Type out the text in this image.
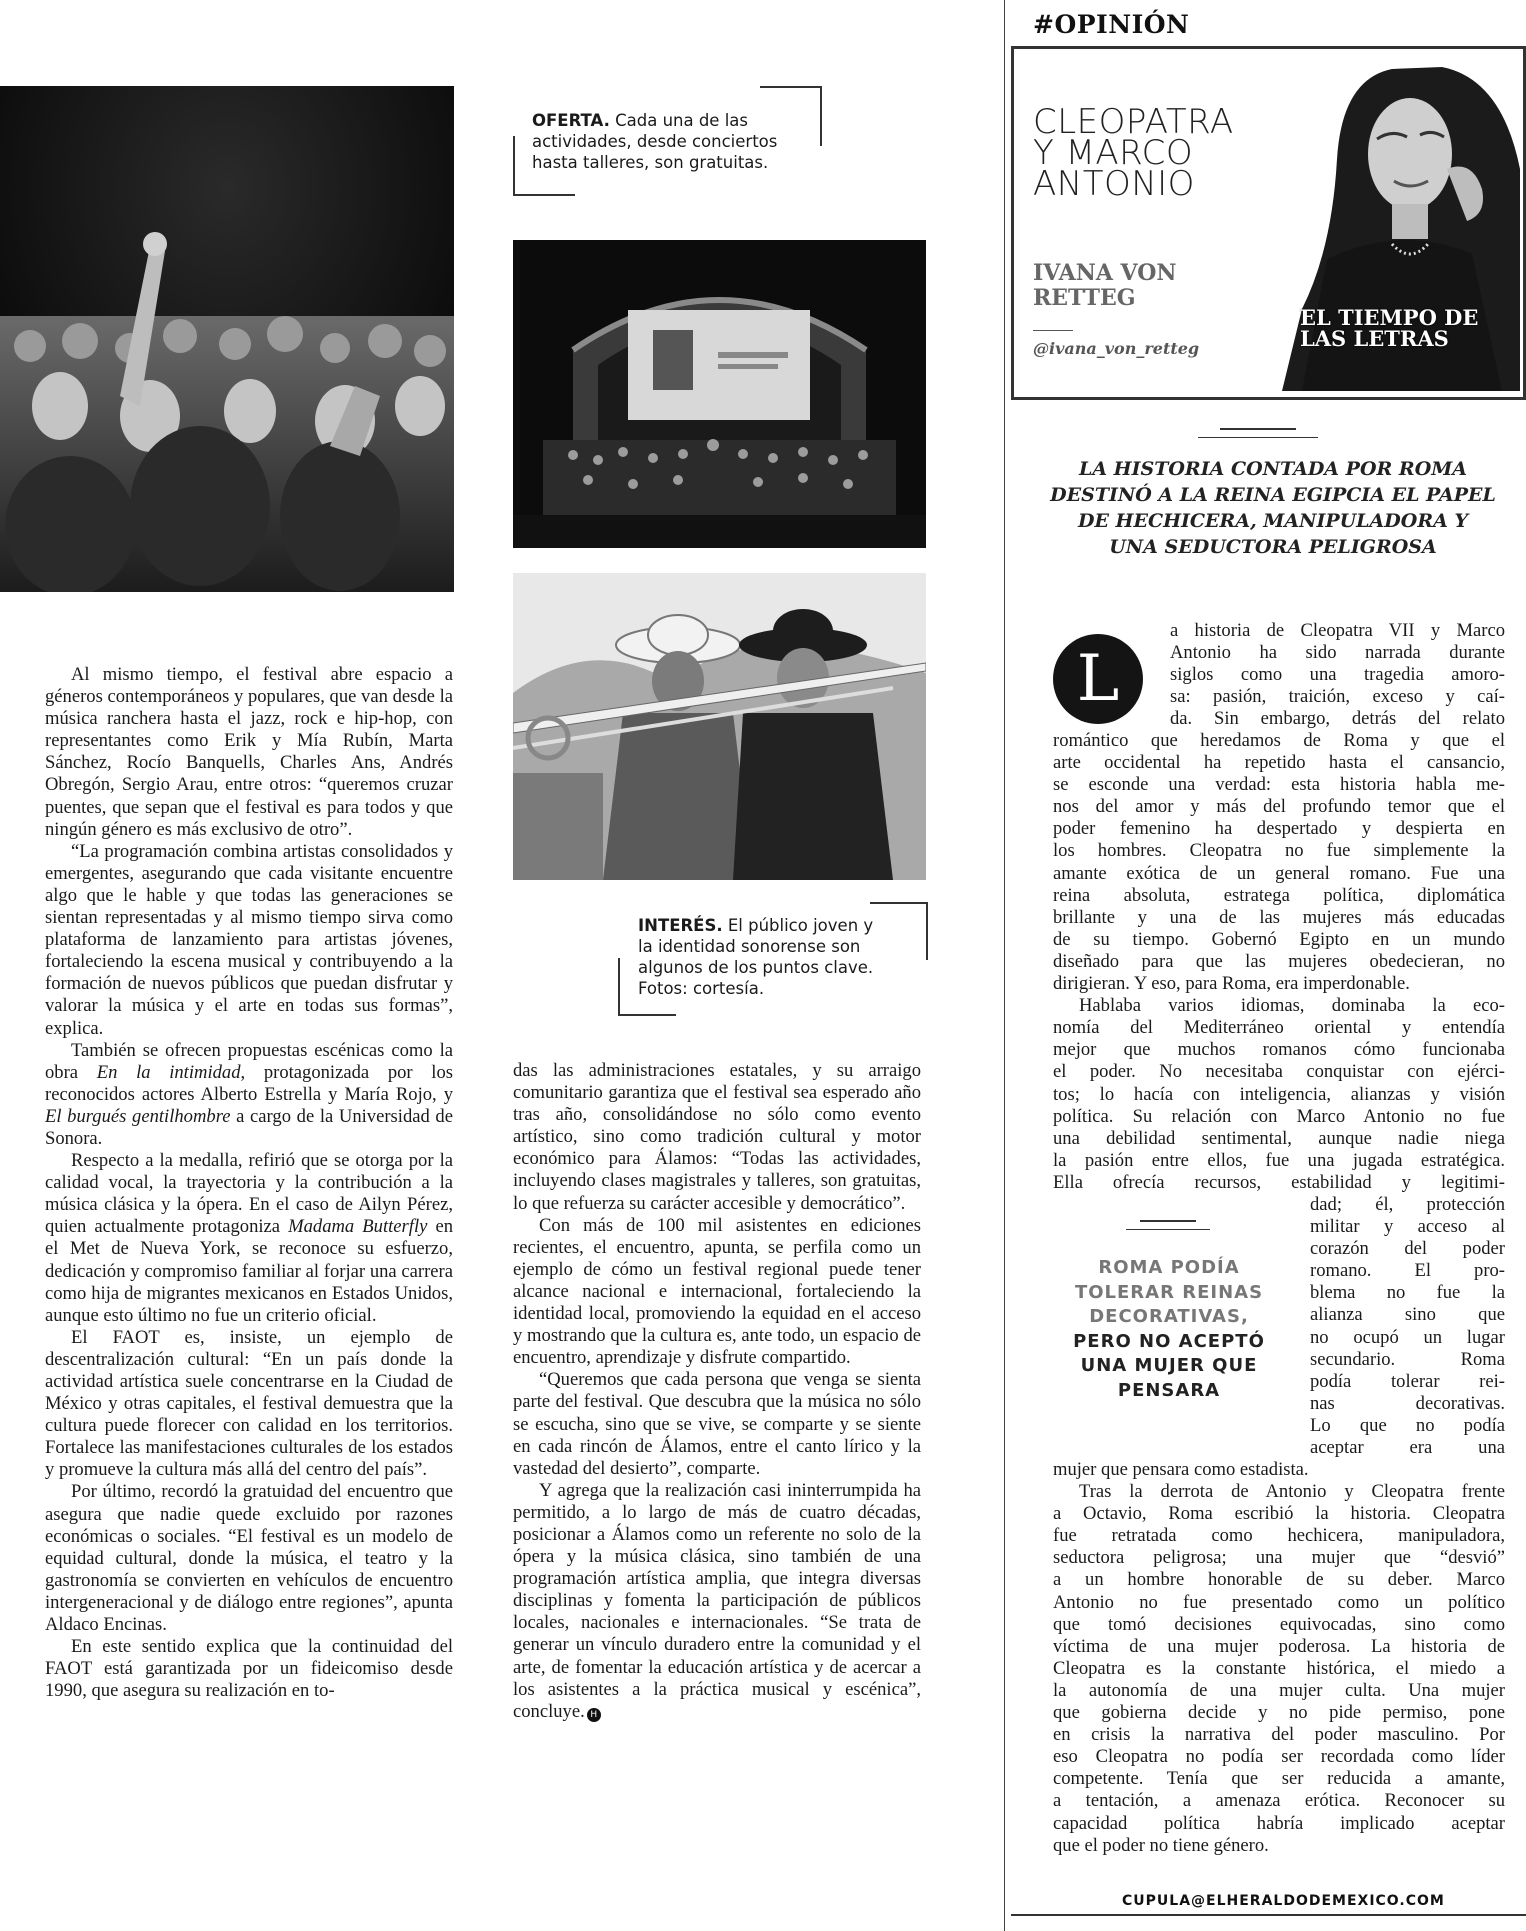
OFERTA. Cada una de las
actividades, desde conciertos
hasta talleres, son gratuitas.
INTERÉS. El público joven y
la identidad sonorense son
algunos de los puntos clave.
Fotos: cortesía.

Al mismo tiempo, el festival abre espacio a géneros contemporáneos y populares, que van desde la música ranchera hasta el jazz, rock e hip-hop, con representantes como Erik y Mía Rubín, Marta Sánchez, Rocío Banquells, Charles Ans, Andrés Obregón, Sergio Arau, entre otros: “queremos cruzar puentes, que sepan que el festival es para todos y que ningún género es más exclusivo de otro”.

“La programación combina artistas consolidados y emergentes, asegurando que cada visitante encuentre algo que le hable y que todas las generaciones se sientan representadas y al mismo tiempo sirva como plataforma de lanzamiento para artistas jóvenes, fortaleciendo la escena musical y contribuyendo a la formación de nuevos públicos que puedan disfrutar y valorar la música y el arte en todas sus formas”, explica.

También se ofrecen propuestas escénicas como la obra En la intimidad, protagonizada por los reconocidos actores Alberto Estrella y María Rojo, y El burgués gentilhombre a cargo de la Universidad de Sonora.

Respecto a la medalla, refirió que se otorga por la calidad vocal, la trayectoria y la contribución a la música clásica y la ópera. En el caso de Ailyn Pérez, quien actualmente protagoniza Madama Butterfly en el Met de Nueva York, se reconoce su esfuerzo, dedicación y compromiso familiar al forjar una carrera como hija de migrantes mexicanos en Estados Unidos, aunque esto último no fue un criterio oficial.

El FAOT es, insiste, un ejemplo de descentralización cultural: “En un país donde la actividad artística suele concentrarse en la Ciudad de México y otras capitales, el festival demuestra que la cultura puede florecer con calidad en los territorios. Fortalece las manifestaciones culturales de los estados y promueve la cultura más allá del centro del país”.

Por último, recordó la gratuidad del encuentro que asegura que nadie quede excluido por razones económicas o sociales. “El festival es un modelo de equidad cultural, donde la música, el teatro y la gastronomía se convierten en vehículos de encuentro intergeneracional y de diálogo entre regiones”, apunta Aldaco Encinas.

En este sentido explica que la continuidad del FAOT está garantizada por un fideicomiso desde 1990, que asegura su realización en to-

das las administraciones estatales, y su arraigo comunitario garantiza que el festival sea esperado año tras año, consolidándose no sólo como evento artístico, sino como tradición cultural y motor económico para Álamos: “Todas las actividades, incluyendo clases magistrales y talleres, son gratuitas, lo que refuerza su carácter accesible y democrático”.

Con más de 100 mil asistentes en ediciones recientes, el encuentro, apunta, se perfila como un ejemplo de cómo un festival regional puede tener alcance nacional e internacional, fortaleciendo la identidad local, promoviendo la equidad en el acceso y mostrando que la cultura es, ante todo, un espacio de encuentro, aprendizaje y disfrute compartido.

“Queremos que cada persona que venga se sienta parte del festival. Que descubra que la música no sólo se escucha, sino que se vive, se comparte y se siente en cada rincón de Álamos, entre el canto lírico y la vastedad del desierto”, comparte.

Y agrega que la realización casi ininterrumpida ha permitido, a lo largo de más de cuatro décadas, posicionar a Álamos como un referente no solo de la ópera y la música clásica, sino también de una programación artística amplia, que integra diversas disciplinas y fomenta la participación de públicos locales, nacionales e internacionales. “Se trata de generar un vínculo duradero entre la comunidad y el arte, de fomentar la educación artística y de acercar a los asistentes a la práctica musical y escénica”, concluye. H

#OPINIÓN
CLEOPATRA
Y MARCO
ANTONIO
IVANA VON
RETTEG
@ivana_von_retteg
EL TIEMPO DE
LAS LETRAS
LA HISTORIA CONTADA POR ROMA
DESTINÓ A LA REINA EGIPCIA EL PAPEL
DE HECHICERA, MANIPULADORA Y
UNA SEDUCTORA PELIGROSA
L
a historia de Cleopatra VII y Marco
Antonio ha sido narrada durante
siglos como una tragedia amoro-
sa: pasión, traición, exceso y caí-
da. Sin embargo, detrás del relato
romántico que heredamos de Roma y que el
arte occidental ha repetido hasta el cansancio,
se esconde una verdad: esta historia habla me-
nos del amor y más del profundo temor que el
poder femenino ha despertado y despierta en
los hombres. Cleopatra no fue simplemente la
amante exótica de un general romano. Fue una
reina absoluta, estratega política, diplomática
brillante y una de las mujeres más educadas
de su tiempo. Gobernó Egipto en un mundo
diseñado para que las mujeres obedecieran, no
dirigieran. Y eso, para Roma, era imperdonable.
Hablaba varios idiomas, dominaba la eco-
nomía del Mediterráneo oriental y entendía
mejor que muchos romanos cómo funcionaba
el poder. No necesitaba conquistar con ejérci-
tos; lo hacía con inteligencia, alianzas y visión
política. Su relación con Marco Antonio no fue
una debilidad sentimental, aunque nadie niega
la pasión entre ellos, fue una jugada estratégica.
Ella ofrecía recursos, estabilidad y legitimi-
dad; él, protección
militar y acceso al
corazón del poder
romano. El pro-
blema no fue la
alianza sino que
no ocupó un lugar
secundario. Roma
podía tolerar rei-
nas decorativas.
Lo que no podía
aceptar era una
mujer que pensara como estadista.
Tras la derrota de Antonio y Cleopatra frente
a Octavio, Roma escribió la historia. Cleopatra
fue retratada como hechicera, manipuladora,
seductora peligrosa; una mujer que “desvió”
a un hombre honorable de su deber. Marco
Antonio no fue presentado como un político
que tomó decisiones equivocadas, sino como
víctima de una mujer poderosa. La historia de
Cleopatra es la constante histórica, el miedo a
la autonomía de una mujer culta. Una mujer
que gobierna decide y no pide permiso, pone
en crisis la narrativa del poder masculino. Por
eso Cleopatra no podía ser recordada como líder
competente. Tenía que ser reducida a amante,
a tentación, a amenaza erótica. Reconocer su
capacidad política habría implicado aceptar
que el poder no tiene género.
ROMA PODÍA
TOLERAR REINAS
DECORATIVAS,
PERO NO ACEPTÓ
UNA MUJER QUE
PENSARA
CUPULA@ELHERALDODEMEXICO.COM
